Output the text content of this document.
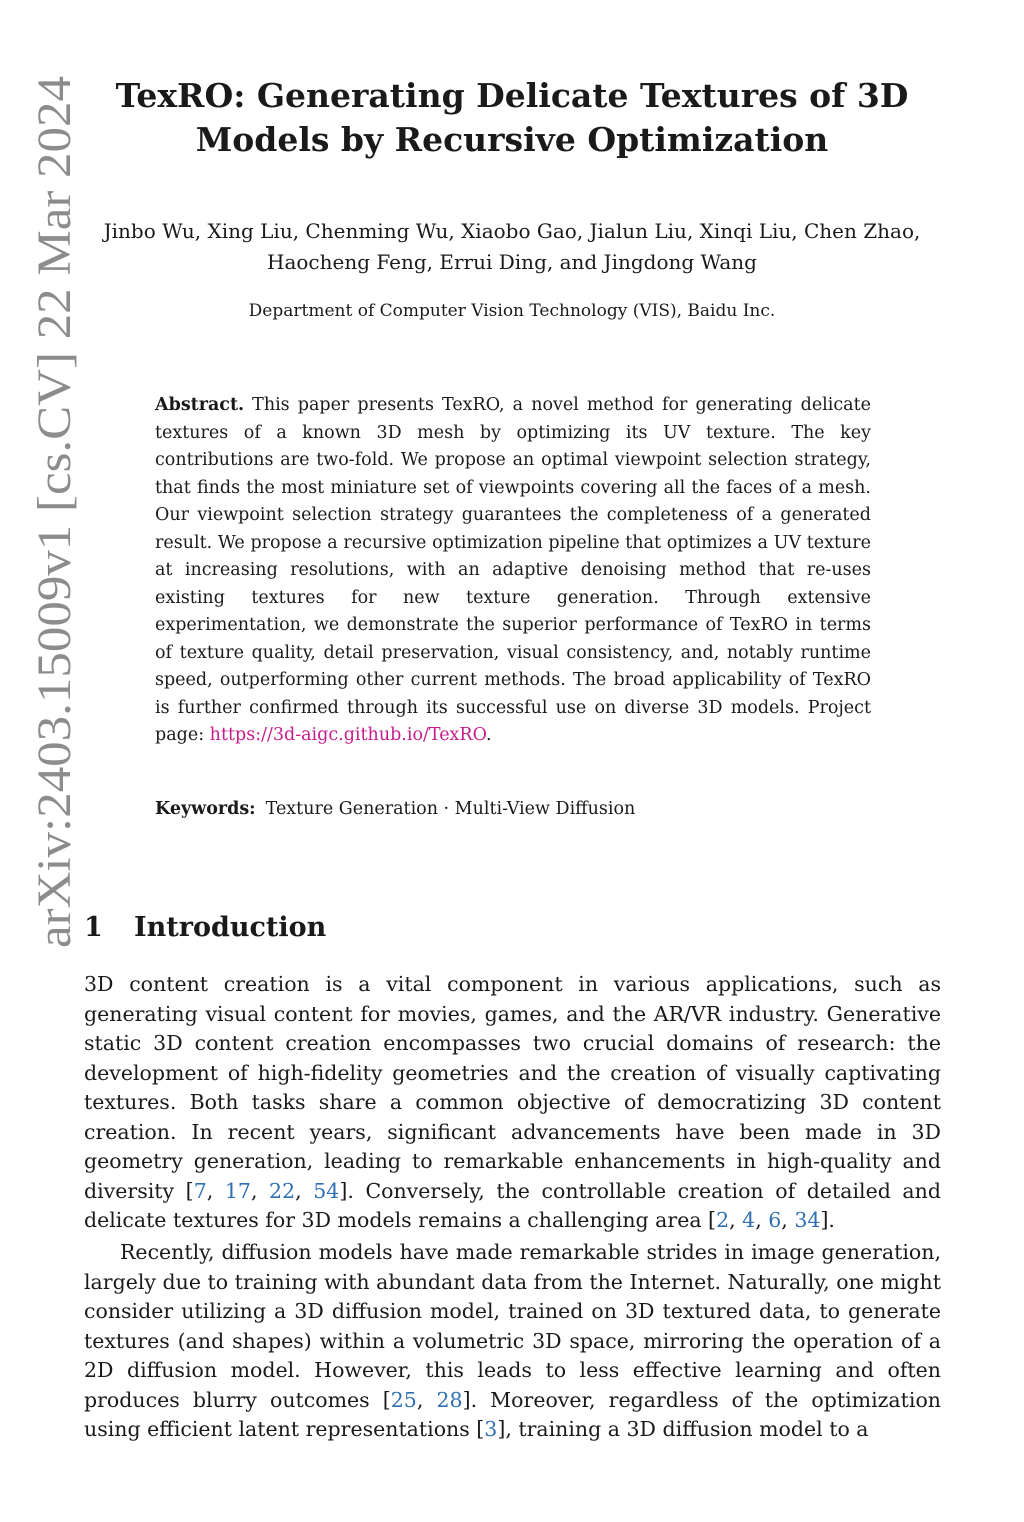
arXiv:2403.15009v1 [cs.CV] 22 Mar 2024
TexRO: Generating Delicate Textures of 3D Models by Recursive Optimization

Jinbo Wu, Xing Liu, Chenming Wu, Xiaobo Gao, Jialun Liu, Xinqi Liu, Chen Zhao, Haocheng Feng, Errui Ding, and Jingdong Wang

Department of Computer Vision Technology (VIS), Baidu Inc.

Abstract. This paper presents TexRO, a novel method for generating delicate textures of a known 3D mesh by optimizing its UV texture. The key contributions are two-fold. We propose an optimal viewpoint selection strategy, that finds the most miniature set of viewpoints covering all the faces of a mesh. Our viewpoint selection strategy guarantees the completeness of a generated result. We propose a recursive optimization pipeline that optimizes a UV texture at increasing resolutions, with an adaptive denoising method that re-uses existing textures for new texture generation. Through extensive experimentation, we demonstrate the superior performance of TexRO in terms of texture quality, detail preservation, visual consistency, and, notably runtime speed, outperforming other current methods. The broad applicability of TexRO is further confirmed through its successful use on diverse 3D models. Project page: https://3d-aigc.github.io/TexRO.

Keywords: Texture Generation · Multi-View Diffusion

1 Introduction

3D content creation is a vital component in various applications, such as generating visual content for movies, games, and the AR/VR industry. Generative static 3D content creation encompasses two crucial domains of research: the development of high-fidelity geometries and the creation of visually captivating textures. Both tasks share a common objective of democratizing 3D content creation. In recent years, significant advancements have been made in 3D geometry generation, leading to remarkable enhancements in high-quality and diversity [7, 17, 22, 54]. Conversely, the controllable creation of detailed and delicate textures for 3D models remains a challenging area [2, 4, 6, 34].

Recently, diffusion models have made remarkable strides in image generation, largely due to training with abundant data from the Internet. Naturally, one might consider utilizing a 3D diffusion model, trained on 3D textured data, to generate textures (and shapes) within a volumetric 3D space, mirroring the operation of a 2D diffusion model. However, this leads to less effective learning and often produces blurry outcomes [25, 28]. Moreover, regardless of the optimization using efficient latent representations [3], training a 3D diffusion model to a
